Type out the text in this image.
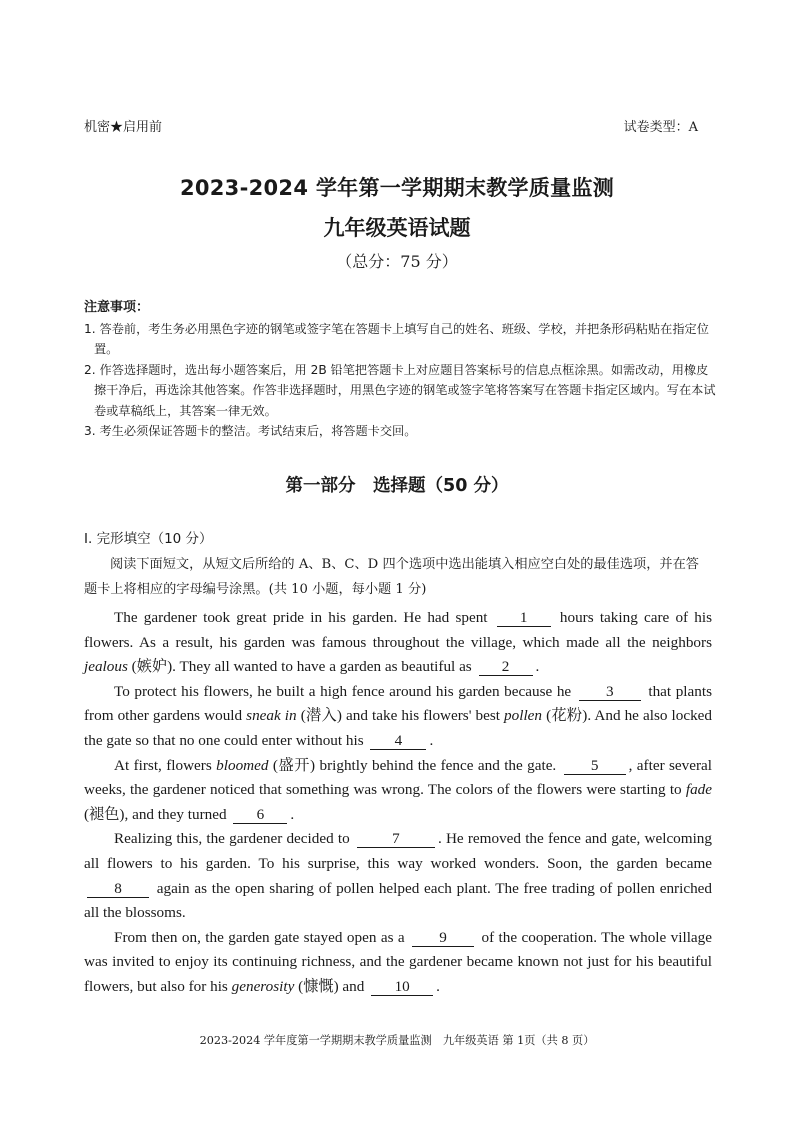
机密★启用前	试卷类型：A
2023-2024 学年第一学期期末教学质量监测
九年级英语试题
（总分：75 分）
注意事项：
1. 答卷前，考生务必用黑色字迹的钢笔或签字笔在答题卡上填写自己的姓名、班级、学校，并把条形码粘贴在指定位置。
2. 作答选择题时，选出每小题答案后，用 2B 铅笔把答题卡上对应题目答案标号的信息点框涂黑。如需改动，用橡皮擦干净后，再选涂其他答案。作答非选择题时，用黑色字迹的钢笔或签字笔将答案写在答题卡指定区域内。写在本试卷或草稿纸上，其答案一律无效。
3. 考生必须保证答题卡的整洁。考试结束后，将答题卡交回。
第一部分　选择题（50 分）
I. 完形填空（10 分）
阅读下面短文，从短文后所给的 A、B、C、D 四个选项中选出能填入相应空白处的最佳选项，并在答题卡上将相应的字母编号涂黑。(共 10 小题，每小题 1 分)

The gardener took great pride in his garden. He had spent 1 hours taking care of his flowers. As a result, his garden was famous throughout the village, which made all the neighbors jealous (嫉妒). They all wanted to have a garden as beautiful as 2 .

To protect his flowers, he built a high fence around his garden because he 3 that plants from other gardens would sneak in (潜入) and take his flowers' best pollen (花粉). And he also locked the gate so that no one could enter without his 4 .

At first, flowers bloomed (盛开) brightly behind the fence and the gate. 5 , after several weeks, the gardener noticed that something was wrong. The colors of the flowers were starting to fade (褪色), and they turned 6 .

Realizing this, the gardener decided to	7	. He removed the fence and gate, welcoming all flowers to his garden. To his surprise, this way worked wonders. Soon, the garden became 8 again as the open sharing of pollen helped each plant. The free trading of pollen enriched all the blossoms.

From then on, the garden gate stayed open as a 9 of the cooperation. The whole village was invited to enjoy its continuing richness, and the gardener became known not just for his beautiful flowers, but also for his generosity (慷慨) and 10 .

2023-2024 学年度第一学期期末教学质量监测　九年级英语 第 1页（共 8 页）
